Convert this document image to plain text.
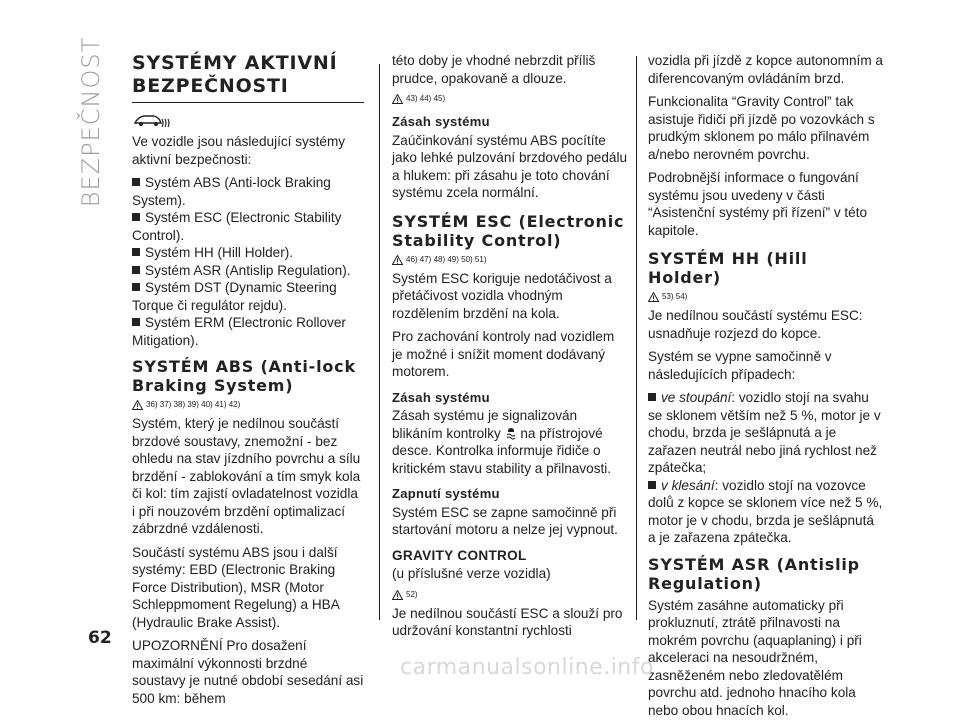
BEZPEČNOST
62
SYSTÉMY AKTIVNÍ BEZPEČNOSTI

Ve vozidle jsou následující systémy aktivní bezpečnosti:

Systém ABS (Anti-lock Braking System).
Systém ESC (Electronic Stability Control).
Systém HH (Hill Holder).
Systém ASR (Antislip Regulation).
Systém DST (Dynamic Steering Torque či regulátor rejdu).
Systém ERM (Electronic Rollover Mitigation).
SYSTÉM ABS (Anti-lock Braking System)
36) 37) 38) 39) 40) 41) 42)

Systém, který je nedílnou součástí brzdové soustavy, znemožní - bez ohledu na stav jízdního povrchu a sílu brzdění - zablokování a tím smyk kola či kol: tím zajistí ovladatelnost vozidla i při nouzovém brzdění optimalizací zábrzdné vzdálenosti.

Součástí systému ABS jsou i další systémy: EBD (Electronic Braking Force Distribution), MSR (Motor Schleppmoment Regelung) a HBA (Hydraulic Brake Assist).

UPOZORNĚNÍ Pro dosažení maximální výkonnosti brzdné soustavy je nutné období sesedání asi 500 km: během

této doby je vhodné nebrzdit příliš prudce, opakovaně a dlouze.

43) 44) 45)
Zásah systému

Zaúčinkování systému ABS pocítíte jako lehké pulzování brzdového pedálu a hlukem: při zásahu je toto chování systému zcela normální.

SYSTÉM ESC (Electronic Stability Control)
46) 47) 48) 49) 50) 51)

Systém ESC koriguje nedotáčivost a přetáčivost vozidla vhodným rozdělením brzdění na kola.

Pro zachování kontroly nad vozidlem je možné i snížit moment dodávaný motorem.

Zásah systému

Zásah systému je signalizován blikáním kontrolky na přístrojové desce. Kontrolka informuje řidiče o kritickém stavu stability a přilnavosti.

Zapnutí systému

Systém ESC se zapne samočinně při startování motoru a nelze jej vypnout.

GRAVITY CONTROL

(u příslušné verze vozidla)

52)

Je nedílnou součástí ESC a slouží pro udržování konstantní rychlosti

vozidla při jízdě z kopce autonomním a diferencovaným ovládáním brzd.

Funkcionalita “Gravity Control” tak asistuje řidiči při jízdě po vozovkách s prudkým sklonem po málo přilnavém a/nebo nerovném povrchu.

Podrobnější informace o fungování systému jsou uvedeny v části “Asistenční systémy při řízení” v této kapitole.

SYSTÉM HH (Hill Holder)
53) 54)

Je nedílnou součástí systému ESC: usnadňuje rozjezd do kopce.

Systém se vypne samočinně v následujících případech:

ve stoupání: vozidlo stojí na svahu se sklonem větším než 5 %, motor je v chodu, brzda je sešlápnutá a je zařazen neutrál nebo jiná rychlost než zpátečka;

v klesání: vozidlo stojí na vozovce dolů z kopce se sklonem více než 5 %, motor je v chodu, brzda je sešlápnutá a je zařazena zpátečka.

SYSTÉM ASR (Antislip Regulation)

Systém zasáhne automaticky při prokluznutí, ztrátě přilnavosti na mokrém povrchu (aquaplaning) i při akceleraci na nesoudržném, zasněženém nebo zledovatělém povrchu atd. jednoho hnacího kola nebo obou hnacích kol.

carmanualsonline.info
